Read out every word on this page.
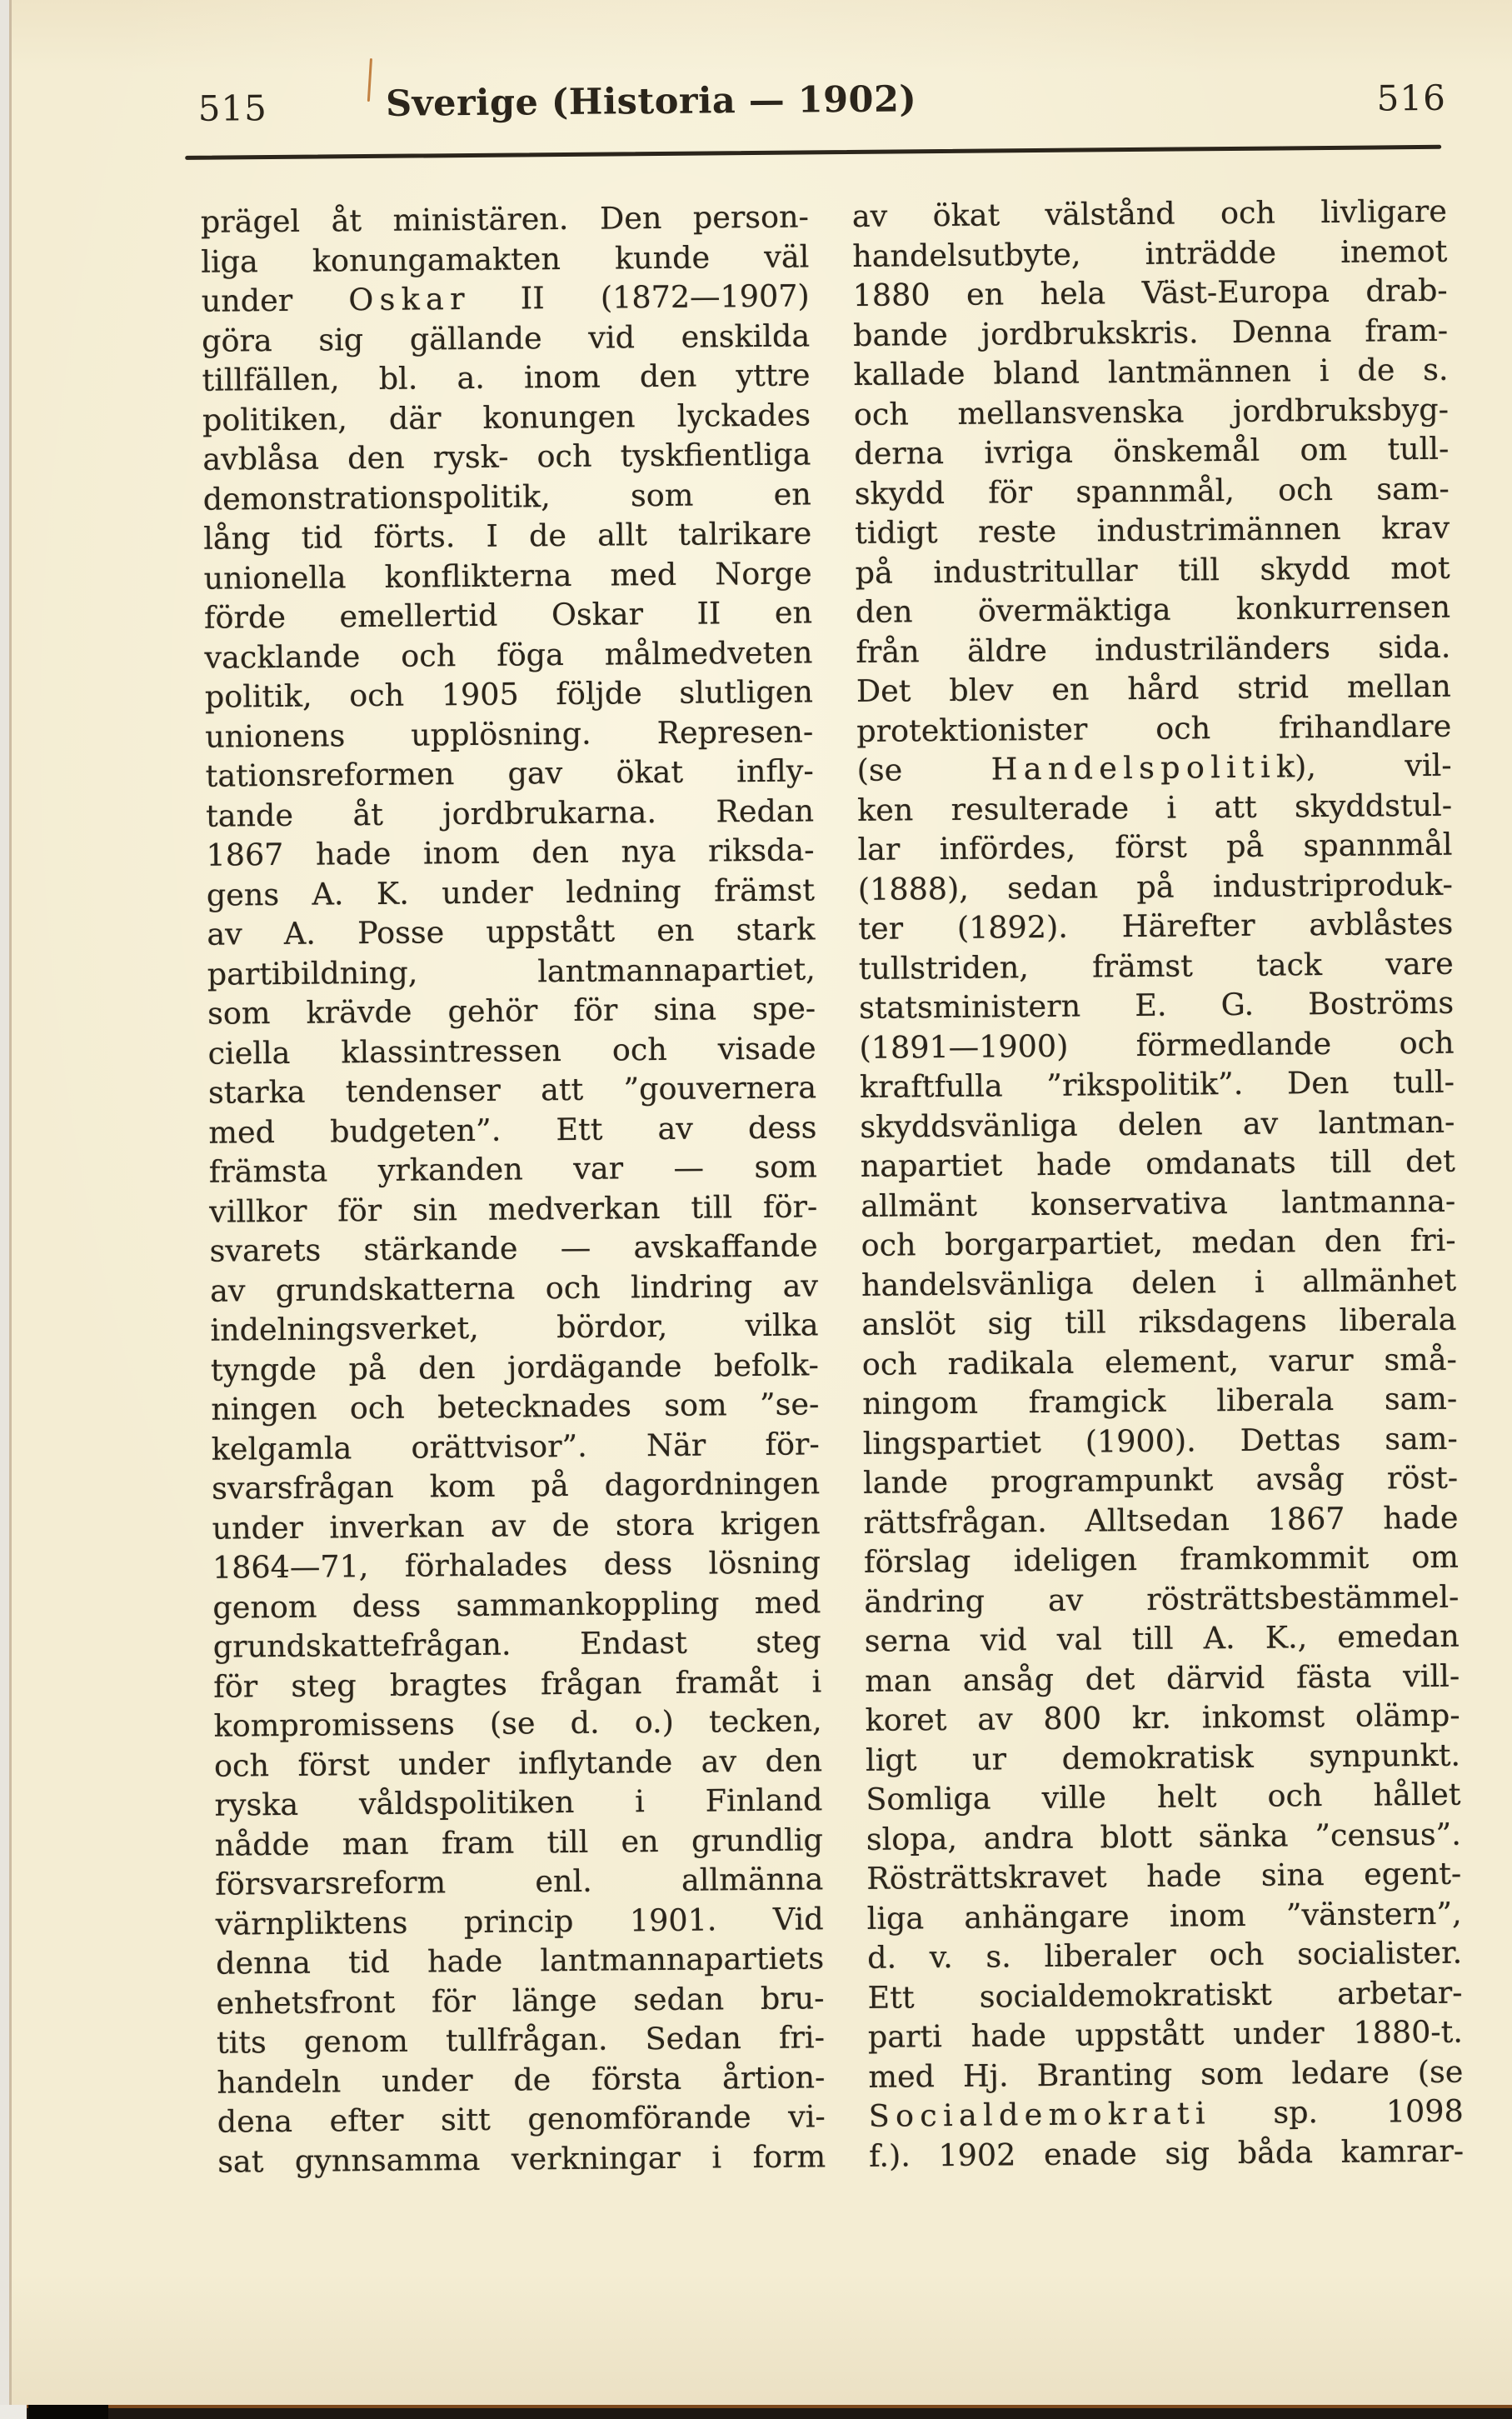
515	Sverige (Historia — 1902)	516
prägel åt ministären. Den person-
liga konungamakten kunde väl
under O s k a r II (1872—1907)
göra sig gällande vid enskilda
tillfällen, bl. a. inom den yttre
politiken, där konungen lyckades
avblåsa den rysk- och tyskfientliga
demonstrationspolitik, som en
lång tid förts. I de allt talrikare
unionella konflikterna med Norge
förde emellertid Oskar II en
vacklande och föga målmedveten
politik, och 1905 följde slutligen
unionens upplösning. Represen-
tationsreformen gav ökat infly-
tande åt jordbrukarna. Redan
1867 hade inom den nya riksda-
gens A. K. under ledning främst
av A. Posse uppstått en stark
partibildning, lantmannapartiet,
som krävde gehör för sina spe-
ciella klassintressen och visade
starka tendenser att ”gouvernera
med budgeten”. Ett av dess
främsta yrkanden var — som
villkor för sin medverkan till för-
svarets stärkande — avskaffande
av grundskatterna och lindring av
indelningsverket, bördor, vilka
tyngde på den jordägande befolk-
ningen och betecknades som ”se-
kelgamla orättvisor”. När för-
svarsfrågan kom på dagordningen
under inverkan av de stora krigen
1864—71, förhalades dess lösning
genom dess sammankoppling med
grundskattefrågan. Endast steg
för steg bragtes frågan framåt i
kompromissens (se d. o.) tecken,
och först under inflytande av den
ryska våldspolitiken i Finland
nådde man fram till en grundlig
försvarsreform enl. allmänna
värnpliktens princip 1901. Vid
denna tid hade lantmannapartiets
enhetsfront för länge sedan bru-
tits genom tullfrågan. Sedan fri-
handeln under de första årtion-
dena efter sitt genomförande vi-
sat gynnsamma verkningar i form
av ökat välstånd och livligare
handelsutbyte, inträdde inemot
1880 en hela Väst-Europa drab-
bande jordbrukskris. Denna fram-
kallade bland lantmännen i de s.
och mellansvenska jordbruksbyg-
derna ivriga önskemål om tull-
skydd för spannmål, och sam-
tidigt reste industrimännen krav
på industritullar till skydd mot
den övermäktiga konkurrensen
från äldre industriländers sida.
Det blev en hård strid mellan
protektionister och frihandlare
(se H a n d e l s p o l i t i k), vil-
ken resulterade i att skyddstul-
lar infördes, först på spannmål
(1888), sedan på industriproduk-
ter (1892). Härefter avblåstes
tullstriden, främst tack vare
statsministern E. G. Boströms
(1891—1900) förmedlande och
kraftfulla ”rikspolitik”. Den tull-
skyddsvänliga delen av lantman-
napartiet hade omdanats till det
allmänt konservativa lantmanna-
och borgarpartiet, medan den fri-
handelsvänliga delen i allmänhet
anslöt sig till riksdagens liberala
och radikala element, varur små-
ningom framgick liberala sam-
lingspartiet (1900). Dettas sam-
lande programpunkt avsåg röst-
rättsfrågan. Alltsedan 1867 hade
förslag ideligen framkommit om
ändring av rösträttsbestämmel-
serna vid val till A. K., emedan
man ansåg det därvid fästa vill-
koret av 800 kr. inkomst olämp-
ligt ur demokratisk synpunkt.
Somliga ville helt och hållet
slopa, andra blott sänka ”census”.
Rösträttskravet hade sina egent-
liga anhängare inom ”vänstern”,
d. v. s. liberaler och socialister.
Ett socialdemokratiskt arbetar-
parti hade uppstått under 1880-t.
med Hj. Branting som ledare (se
S o c i a l d e m o k r a t i sp. 1098
f.). 1902 enade sig båda kamrar-
